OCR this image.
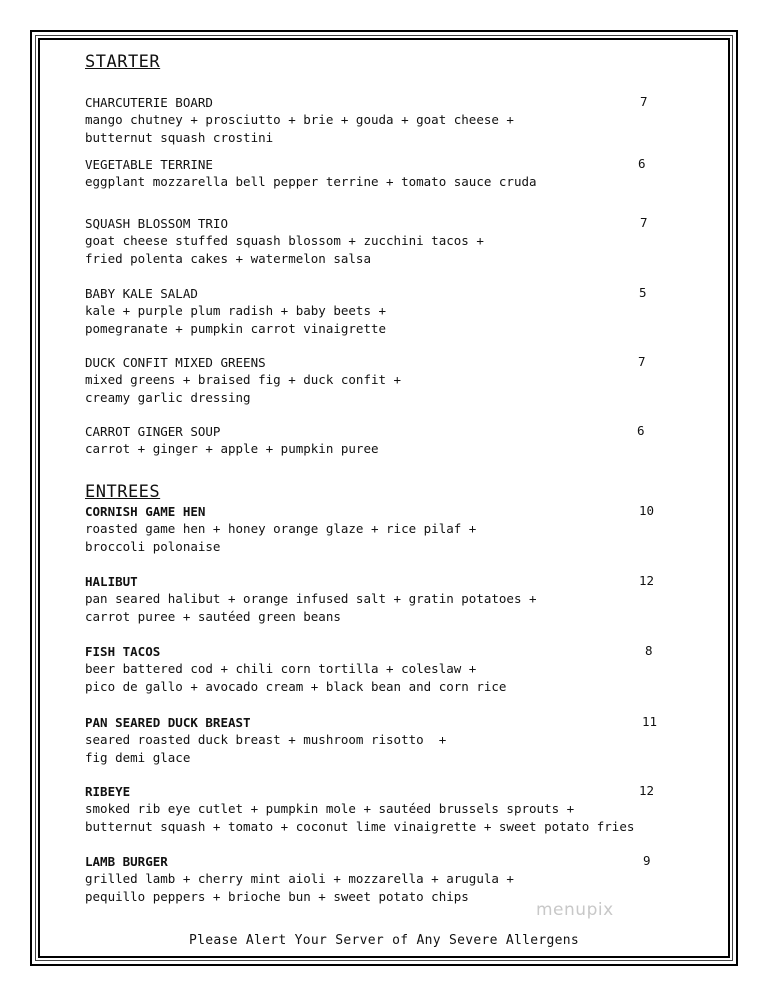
STARTER
CHARCUTERIE BOARD	7
mango chutney + prosciutto + brie + gouda + goat cheese +
butternut squash crostini
VEGETABLE TERRINE	6
eggplant mozzarella bell pepper terrine + tomato sauce cruda
SQUASH BLOSSOM TRIO	7
goat cheese stuffed squash blossom + zucchini tacos +
fried polenta cakes + watermelon salsa
BABY KALE SALAD	5
kale + purple plum radish + baby beets +
pomegranate + pumpkin carrot vinaigrette
DUCK CONFIT MIXED GREENS	7
mixed greens + braised fig + duck confit +
creamy garlic dressing
CARROT GINGER SOUP	6
carrot + ginger + apple + pumpkin puree
ENTREES
CORNISH GAME HEN	10
roasted game hen + honey orange glaze + rice pilaf +
broccoli polonaise
HALIBUT	12
pan seared halibut + orange infused salt + gratin potatoes +
carrot puree + sautéed green beans
FISH TACOS	8
beer battered cod + chili corn tortilla + coleslaw +
pico de gallo + avocado cream + black bean and corn rice
PAN SEARED DUCK BREAST	11
seared roasted duck breast + mushroom risotto  +
fig demi glace
RIBEYE	12
smoked rib eye cutlet + pumpkin mole + sautéed brussels sprouts +
butternut squash + tomato + coconut lime vinaigrette + sweet potato fries
LAMB BURGER	9
grilled lamb + cherry mint aioli + mozzarella + arugula +
pequillo peppers + brioche bun + sweet potato chips
menupix
Please Alert Your Server of Any Severe Allergens
